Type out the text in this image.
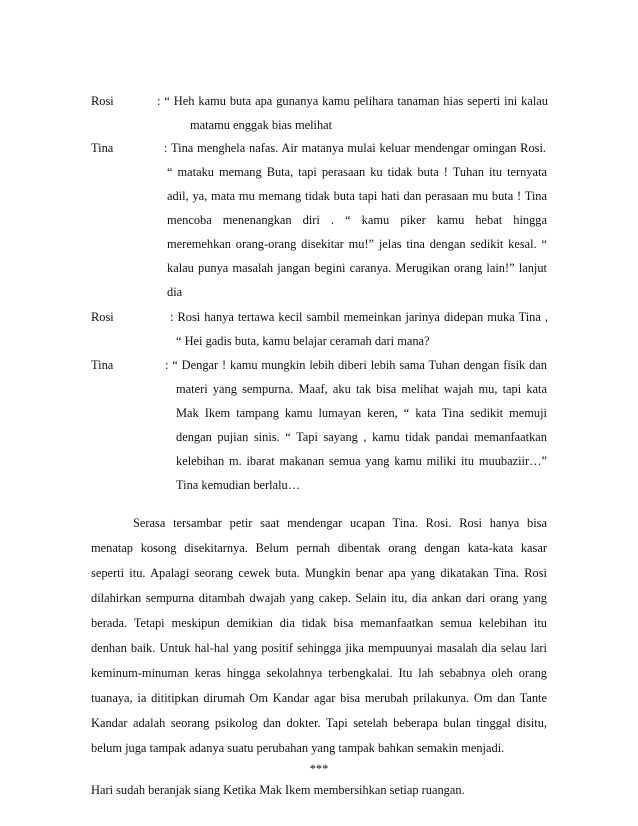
Rosi	: “ Heh kamu buta apa gunanya kamu pelihara tanaman hias seperti ini kalau
matamu enggak bias melihat
Tina	: Tina menghela nafas. Air matanya mulai keluar mendengar omingan Rosi.
“ mataku memang Buta, tapi perasaan ku tidak buta ! Tuhan itu ternyata
adil, ya, mata mu memang tidak buta tapi hati dan perasaan mu buta ! Tina
mencoba menenangkan diri . “ kamu piker kamu hebat hingga
meremehkan orang-orang disekitar mu!” jelas tina dengan sedikit kesal. “
kalau punya masalah jangan begini caranya. Merugikan orang lain!” lanjut
dia
Rosi	: Rosi hanya tertawa kecil sambil memeinkan jarinya didepan muka Tina ,
“ Hei gadis buta, kamu belajar ceramah dari mana?
Tina	: “ Dengar ! kamu mungkin lebih diberi lebih sama Tuhan dengan fisik dan
materi yang sempurna. Maaf, aku tak bisa melihat wajah mu, tapi kata
Mak Ikem tampang kamu lumayan keren, “ kata Tina sedikit memuji
dengan pujian sinis. “ Tapi sayang , kamu tidak pandai memanfaatkan
kelebihan m. ibarat makanan semua yang kamu miliki itu muubaziir…”
Tina kemudian berlalu…
Serasa tersambar petir saat mendengar ucapan Tina. Rosi. Rosi hanya bisa
menatap kosong disekitarnya. Belum pernah dibentak orang dengan kata-kata kasar
seperti itu. Apalagi seorang cewek buta. Mungkin benar apa yang dikatakan Tina. Rosi
dilahirkan sempurna ditambah dwajah yang cakep. Selain itu, dia ankan dari orang yang
berada. Tetapi meskipun demikian dia tidak bisa memanfaatkan semua kelebihan itu
denhan baik. Untuk hal-hal yang positif sehingga jika mempuunyai masalah dia selau lari
keminum-minuman keras hingga sekolahnya terbengkalai. Itu lah sebabnya oleh orang
tuanaya, ia dititipkan dirumah Om Kandar agar bisa merubah prilakunya. Om dan Tante
Kandar adalah seorang psikolog dan dokter. Tapi setelah beberapa bulan tinggal disitu,
belum juga tampak adanya suatu perubahan yang tampak bahkan semakin menjadi.
***
Hari sudah beranjak siang Ketika Mak Ikem membersihkan setiap ruangan.
